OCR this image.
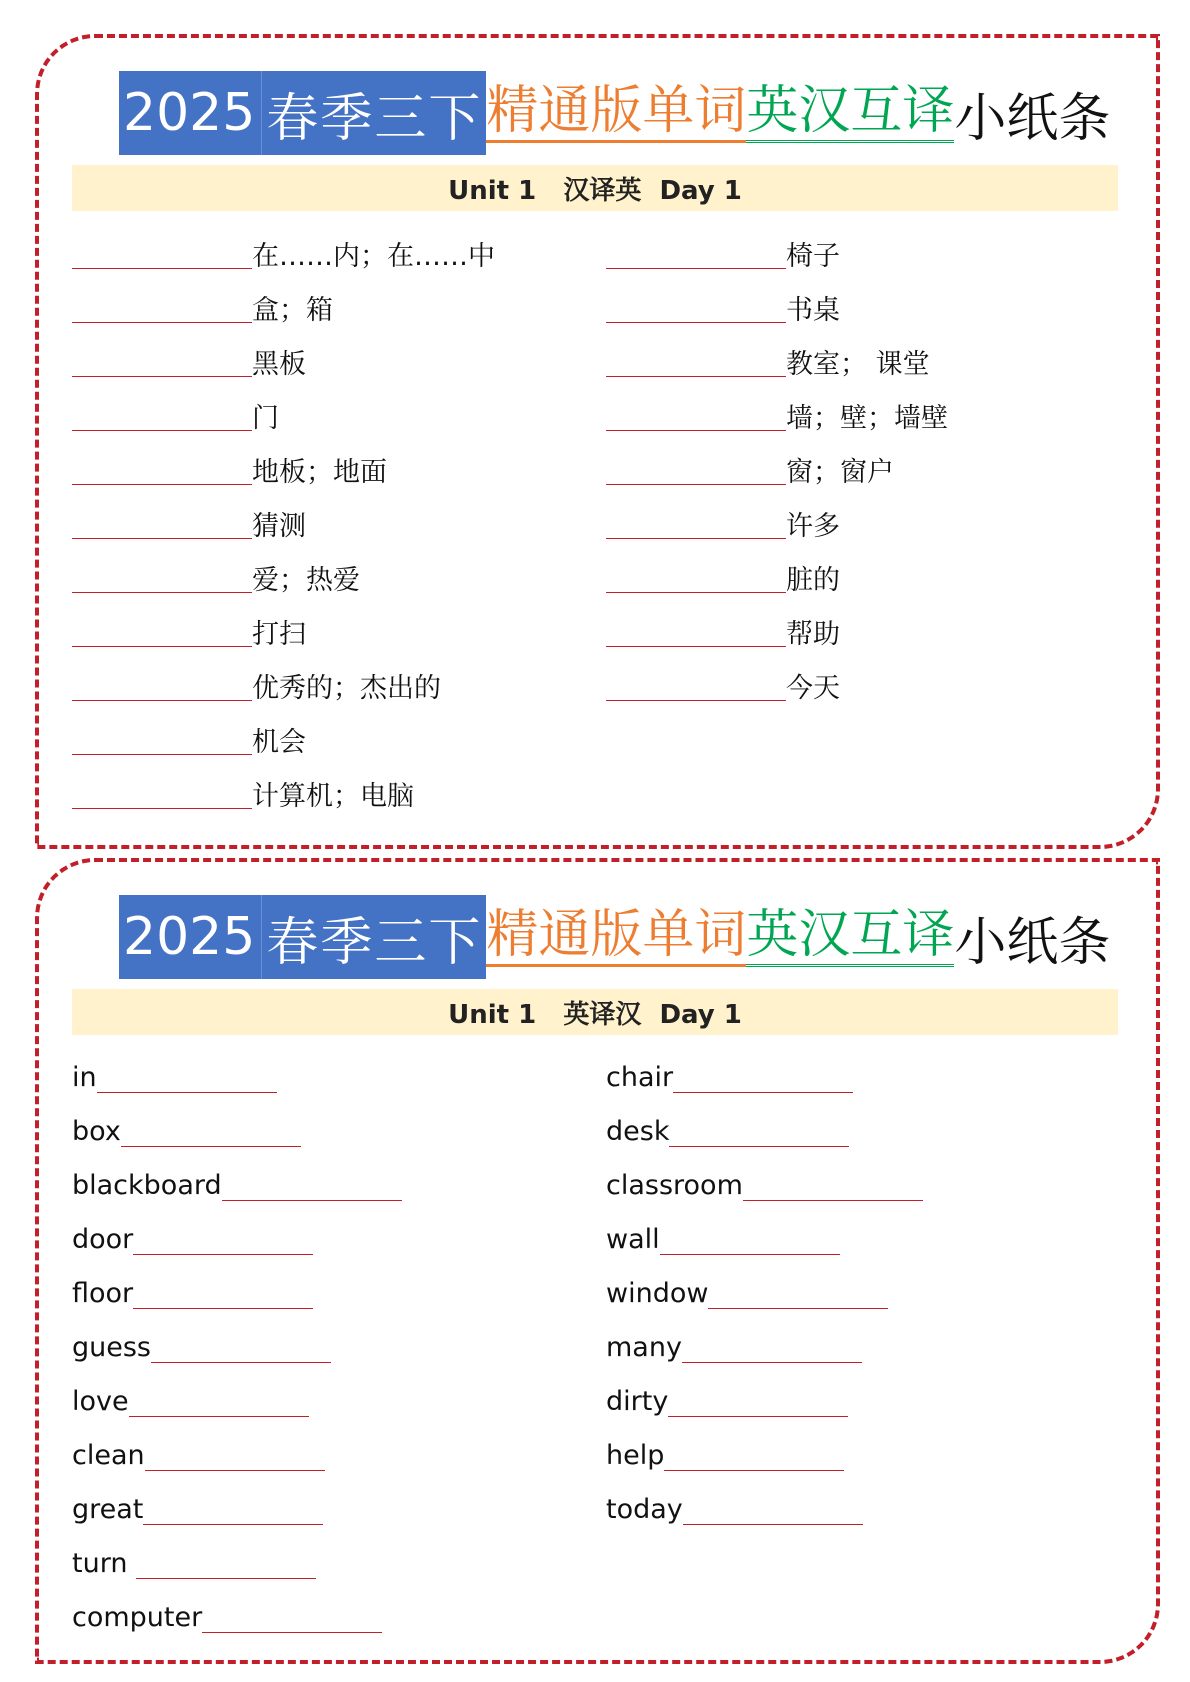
2025 春季三下 精通版单词 英汉互译 小纸条
Unit 1   汉译英  Day 1
在……内；在……中
盒；箱
黑板
门
地板；地面
猜测
爱；热爱
打扫
优秀的；杰出的
机会
计算机；电脑
椅子
书桌
教室； 课堂
墙；壁；墙壁
窗；窗户
许多
脏的
帮助
今天
2025 春季三下 精通版单词 英汉互译 小纸条
Unit 1   英译汉  Day 1
in
box
blackboard
door
floor
guess
love
clean
great
turn
computer
chair
desk
classroom
wall
window
many
dirty
help
today
